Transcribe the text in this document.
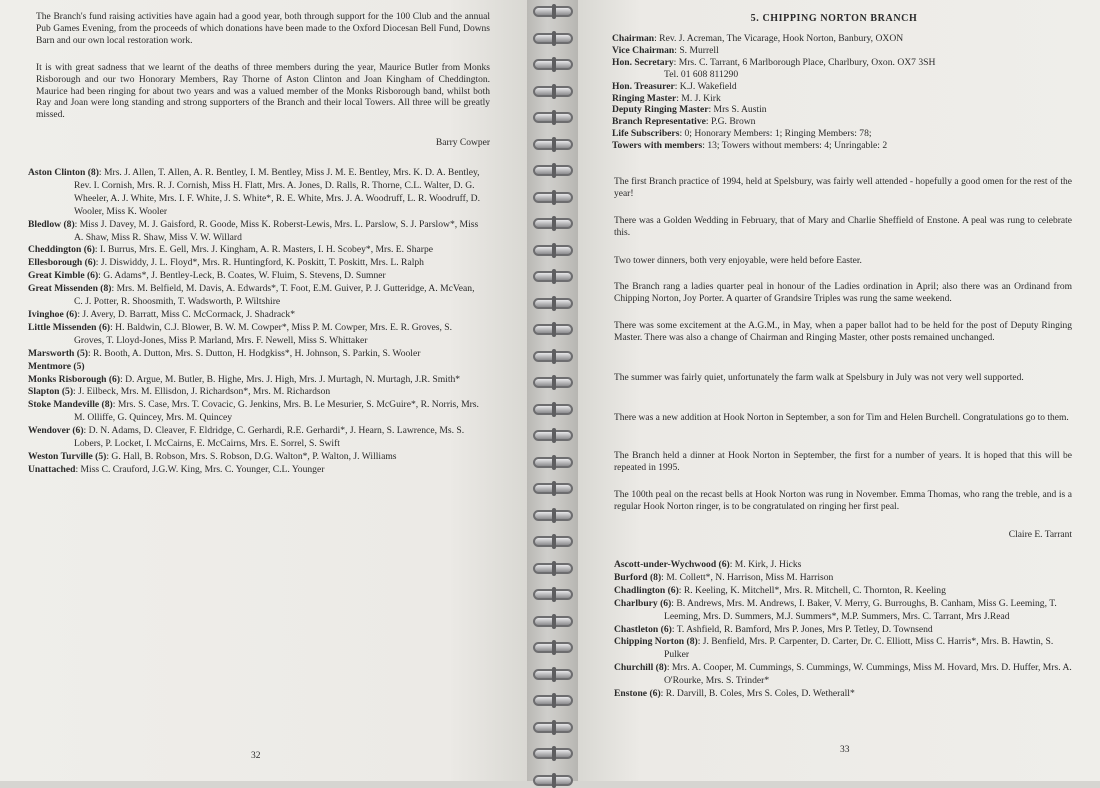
The Branch's fund raising activities have again had a good year, both through support for the 100 Club and the annual Pub Games Evening, from the proceeds of which donations have been made to the Oxford Diocesan Bell Fund, Downs Barn and our own local restoration work.

It is with great sadness that we learnt of the deaths of three members during the year, Maurice Butler from Monks Risborough and our two Honorary Members, Ray Thorne of Aston Clinton and Joan Kingham of Cheddington. Maurice had been ringing for about two years and was a valued member of the Monks Risborough band, whilst both Ray and Joan were long standing and strong supporters of the Branch and their local Towers. All three will be greatly missed.

Barry Cowper

Aston Clinton (8): Mrs. J. Allen, T. Allen, A. R. Bentley, I. M. Bentley, Miss J. M. E. Bentley, Mrs. K. D. A. Bentley, Rev. I. Cornish, Mrs. R. J. Cornish, Miss H. Flatt, Mrs. A. Jones, D. Ralls, R. Thorne, C.L. Walter, D. G. Wheeler, A. J. White, Mrs. I. F. White, J. S. White*, R. E. White, Mrs. J. A. Woodruff, L. R. Woodruff, D. Wooler, Miss K. Wooler

Bledlow (8): Miss J. Davey, M. J. Gaisford, R. Goode, Miss K. Roberst-Lewis, Mrs. L. Parslow, S. J. Parslow*, Miss A. Shaw, Miss R. Shaw, Miss V. W. Willard

Cheddington (6): I. Burrus, Mrs. E. Gell, Mrs. J. Kingham, A. R. Masters, I. H. Scobey*, Mrs. E. Sharpe

Ellesborough (6): J. Diswiddy, J. L. Floyd*, Mrs. R. Huntingford, K. Poskitt, T. Poskitt, Mrs. L. Ralph

Great Kimble (6): G. Adams*, J. Bentley-Leck, B. Coates, W. Fluim, S. Stevens, D. Sumner

Great Missenden (8): Mrs. M. Belfield, M. Davis, A. Edwards*, T. Foot, E.M. Guiver, P. J. Gutteridge, A. McVean, C. J. Potter, R. Shoosmith, T. Wadsworth, P. Wiltshire

Ivinghoe (6): J. Avery, D. Barratt, Miss C. McCormack, J. Shadrack*

Little Missenden (6): H. Baldwin, C.J. Blower, B. W. M. Cowper*, Miss P. M. Cowper, Mrs. E. R. Groves, S. Groves, T. Lloyd-Jones, Miss P. Marland, Mrs. F. Newell, Miss S. Whittaker

Marsworth (5): R. Booth, A. Dutton, Mrs. S. Dutton, H. Hodgkiss*, H. Johnson, S. Parkin, S. Wooler

Mentmore (5)

Monks Risborough (6): D. Argue, M. Butler, B. Highe, Mrs. J. High, Mrs. J. Murtagh, N. Murtagh, J.R. Smith*

Slapton (5): J. Eilbeck, Mrs. M. Ellisdon, J. Richardson*, Mrs. M. Richardson

Stoke Mandeville (8): Mrs. S. Case, Mrs. T. Covacic, G. Jenkins, Mrs. B. Le Mesurier, S. McGuire*, R. Norris, Mrs. M. Olliffe, G. Quincey, Mrs. M. Quincey

Wendover (6): D. N. Adams, D. Cleaver, F. Eldridge, C. Gerhardi, R.E. Gerhardi*, J. Hearn, S. Lawrence, Ms. S. Lobers, P. Locket, I. McCairns, E. McCairns, Mrs. E. Sorrel, S. Swift

Weston Turville (5): G. Hall, B. Robson, Mrs. S. Robson, D.G. Walton*, P. Walton, J. Williams

Unattached: Miss C. Crauford, J.G.W. King, Mrs. C. Younger, C.L. Younger

32
5. CHIPPING NORTON BRANCH

Chairman: Rev. J. Acreman, The Vicarage, Hook Norton, Banbury, OXON

Vice Chairman: S. Murrell

Hon. Secretary: Mrs. C. Tarrant, 6 Marlborough Place, Charlbury, Oxon. OX7 3SH

Tel. 01 608 811290

Hon. Treasurer: K.J. Wakefield

Ringing Master: M. J. Kirk

Deputy Ringing Master: Mrs S. Austin

Branch Representative: P.G. Brown

Life Subscribers: 0; Honorary Members: 1; Ringing Members: 78;

Towers with members: 13; Towers without members: 4; Unringable: 2

The first Branch practice of 1994, held at Spelsbury, was fairly well attended - hopefully a good omen for the rest of the year!

There was a Golden Wedding in February, that of Mary and Charlie Sheffield of Enstone. A peal was rung to celebrate this.

Two tower dinners, both very enjoyable, were held before Easter.

The Branch rang a ladies quarter peal in honour of the Ladies ordination in April; also there was an Ordinand from Chipping Norton, Joy Porter. A quarter of Grandsire Triples was rung the same weekend.

There was some excitement at the A.G.M., in May, when a paper ballot had to be held for the post of Deputy Ringing Master. There was also a change of Chairman and Ringing Master, other posts remained unchanged.

The summer was fairly quiet, unfortunately the farm walk at Spelsbury in July was not very well supported.

There was a new addition at Hook Norton in September, a son for Tim and Helen Burchell. Congratulations go to them.

The Branch held a dinner at Hook Norton in September, the first for a number of years. It is hoped that this will be repeated in 1995.

The 100th peal on the recast bells at Hook Norton was rung in November. Emma Thomas, who rang the treble, and is a regular Hook Norton ringer, is to be congratulated on ringing her first peal.

Claire E. Tarrant

Ascott-under-Wychwood (6): M. Kirk, J. Hicks

Burford (8): M. Collett*, N. Harrison, Miss M. Harrison

Chadlington (6): R. Keeling, K. Mitchell*, Mrs. R. Mitchell, C. Thornton, R. Keeling

Charlbury (6): B. Andrews, Mrs. M. Andrews, I. Baker, V. Merry, G. Burroughs, B. Canham, Miss G. Leeming, T. Leeming, Mrs. D. Summers, M.J. Summers*, M.P. Summers, Mrs. C. Tarrant, Mrs J.Read

Chastleton (6): T. Ashfield, R. Bamford, Mrs P. Jones, Mrs P. Tetley, D. Townsend

Chipping Norton (8): J. Benfield, Mrs. P. Carpenter, D. Carter, Dr. C. Elliott, Miss C. Harris*, Mrs. B. Hawtin, S. Pulker

Churchill (8): Mrs. A. Cooper, M. Cummings, S. Cummings, W. Cummings, Miss M. Hovard, Mrs. D. Huffer, Mrs. A. O'Rourke, Mrs. S. Trinder*

Enstone (6): R. Darvill, B. Coles, Mrs S. Coles, D. Wetherall*

33
